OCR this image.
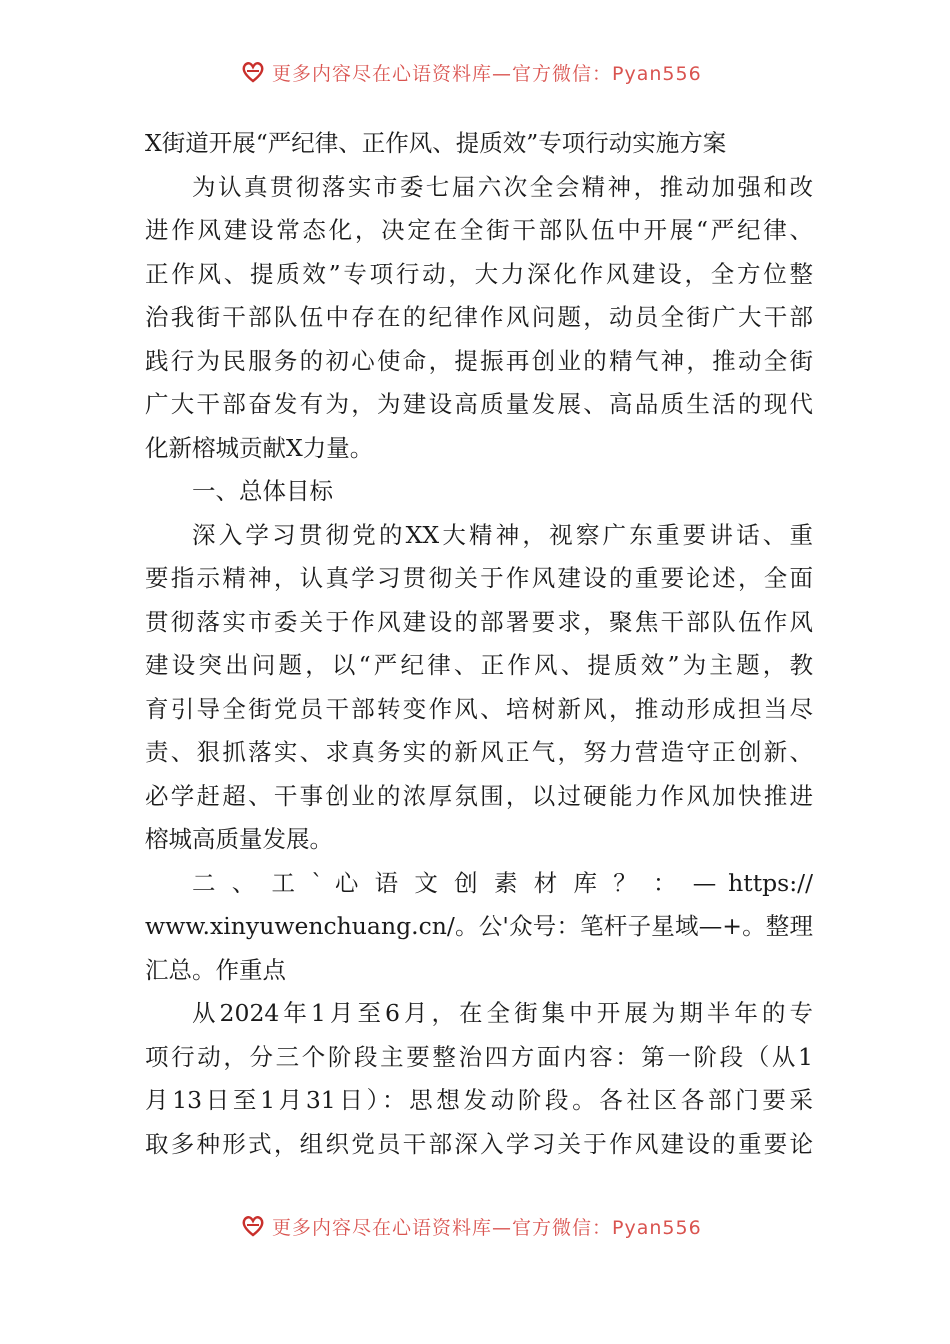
更多内容尽在心语资料库—官方微信：Pyan556
X街道开展“严纪律、正作风、提质效”专项行动实施方案
为认真贯彻落实市委七届六次全会精神，推动加强和改
进作风建设常态化，决定在全街干部队伍中开展“严纪律、
正作风、提质效”专项行动，大力深化作风建设，全方位整
治我街干部队伍中存在的纪律作风问题，动员全街广大干部
践行为民服务的初心使命，提振再创业的精气神，推动全街
广大干部奋发有为，为建设高质量发展、高品质生活的现代
化新榕城贡献X力量。
一、总体目标
深入学习贯彻党的XX大精神，视察广东重要讲话、重
要指示精神，认真学习贯彻关于作风建设的重要论述，全面
贯彻落实市委关于作风建设的部署要求，聚焦干部队伍作风
建设突出问题，以“严纪律、正作风、提质效”为主题，教
育引导全街党员干部转变作风、培树新风，推动形成担当尽
责、狠抓落实、求真务实的新风正气，努力营造守正创新、
必学赶超、干事创业的浓厚氛围，以过硬能力作风加快推进
榕城高质量发展。
二 、 工 ` 心 语 文 创 素 材 库 ？ ： — https://
www.xinyuwenchuang.cn/。公'众号：笔杆子星域—+。整理
汇总。作重点
从2024年1月至6月，在全街集中开展为期半年的专
项行动，分三个阶段主要整治四方面内容：第一阶段（从1
月13日至1月31日）：思想发动阶段。各社区各部门要采
取多种形式，组织党员干部深入学习关于作风建设的重要论
更多内容尽在心语资料库—官方微信：Pyan556
